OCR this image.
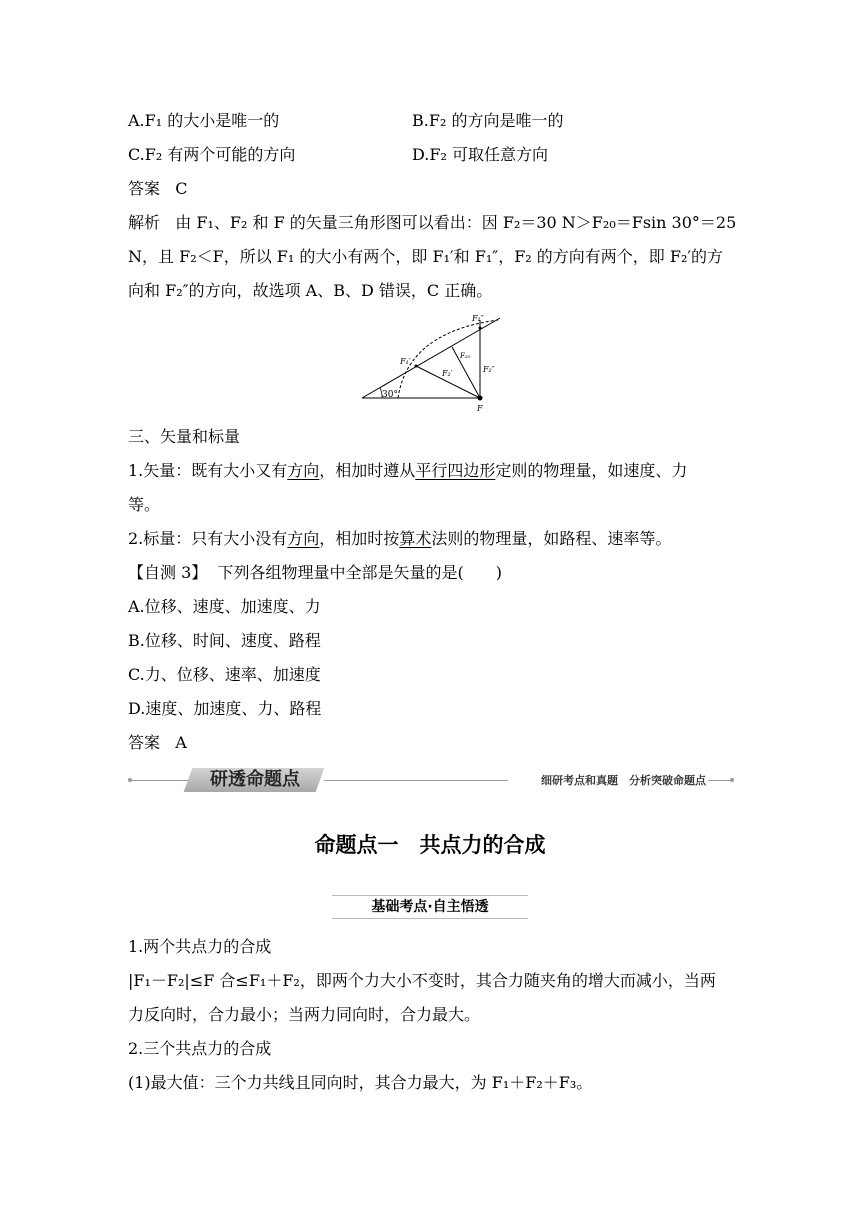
A.F₁ 的大小是唯一的	B.F₂ 的方向是唯一的
C.F₂ 有两个可能的方向	D.F₂ 可取任意方向
答案 C
解析 由 F₁、F₂ 和 F 的矢量三角形图可以看出：因 F₂＝30 N＞F₂₀＝Fsin 30°＝25
N，且 F₂＜F，所以 F₁ 的大小有两个，即 F₁′和 F₁″，F₂ 的方向有两个，即 F₂′的方
向和 F₂″的方向，故选项 A、B、D 错误，C 正确。
30°
F₁″
F₁′
F₂₀
F₂′	F₂″
F
三、矢量和标量
1.矢量：既有大小又有方向，相加时遵从平行四边形定则的物理量，如速度、力
等。
2.标量：只有大小没有方向，相加时按算术法则的物理量，如路程、速率等。
【自测 3】 下列各组物理量中全部是矢量的是(　　)
A.位移、速度、加速度、力
B.位移、时间、速度、路程
C.力、位移、速率、加速度
D.速度、加速度、力、路程
答案 A
研透命题点	细研考点和真题　分析突破命题点
命题点一　共点力的合成
基础考点·自主悟透
1.两个共点力的合成
|F₁－F₂|≤F 合≤F₁＋F₂，即两个力大小不变时，其合力随夹角的增大而减小，当两
力反向时，合力最小；当两力同向时，合力最大。
2.三个共点力的合成
(1)最大值：三个力共线且同向时，其合力最大，为 F₁＋F₂＋F₃。
